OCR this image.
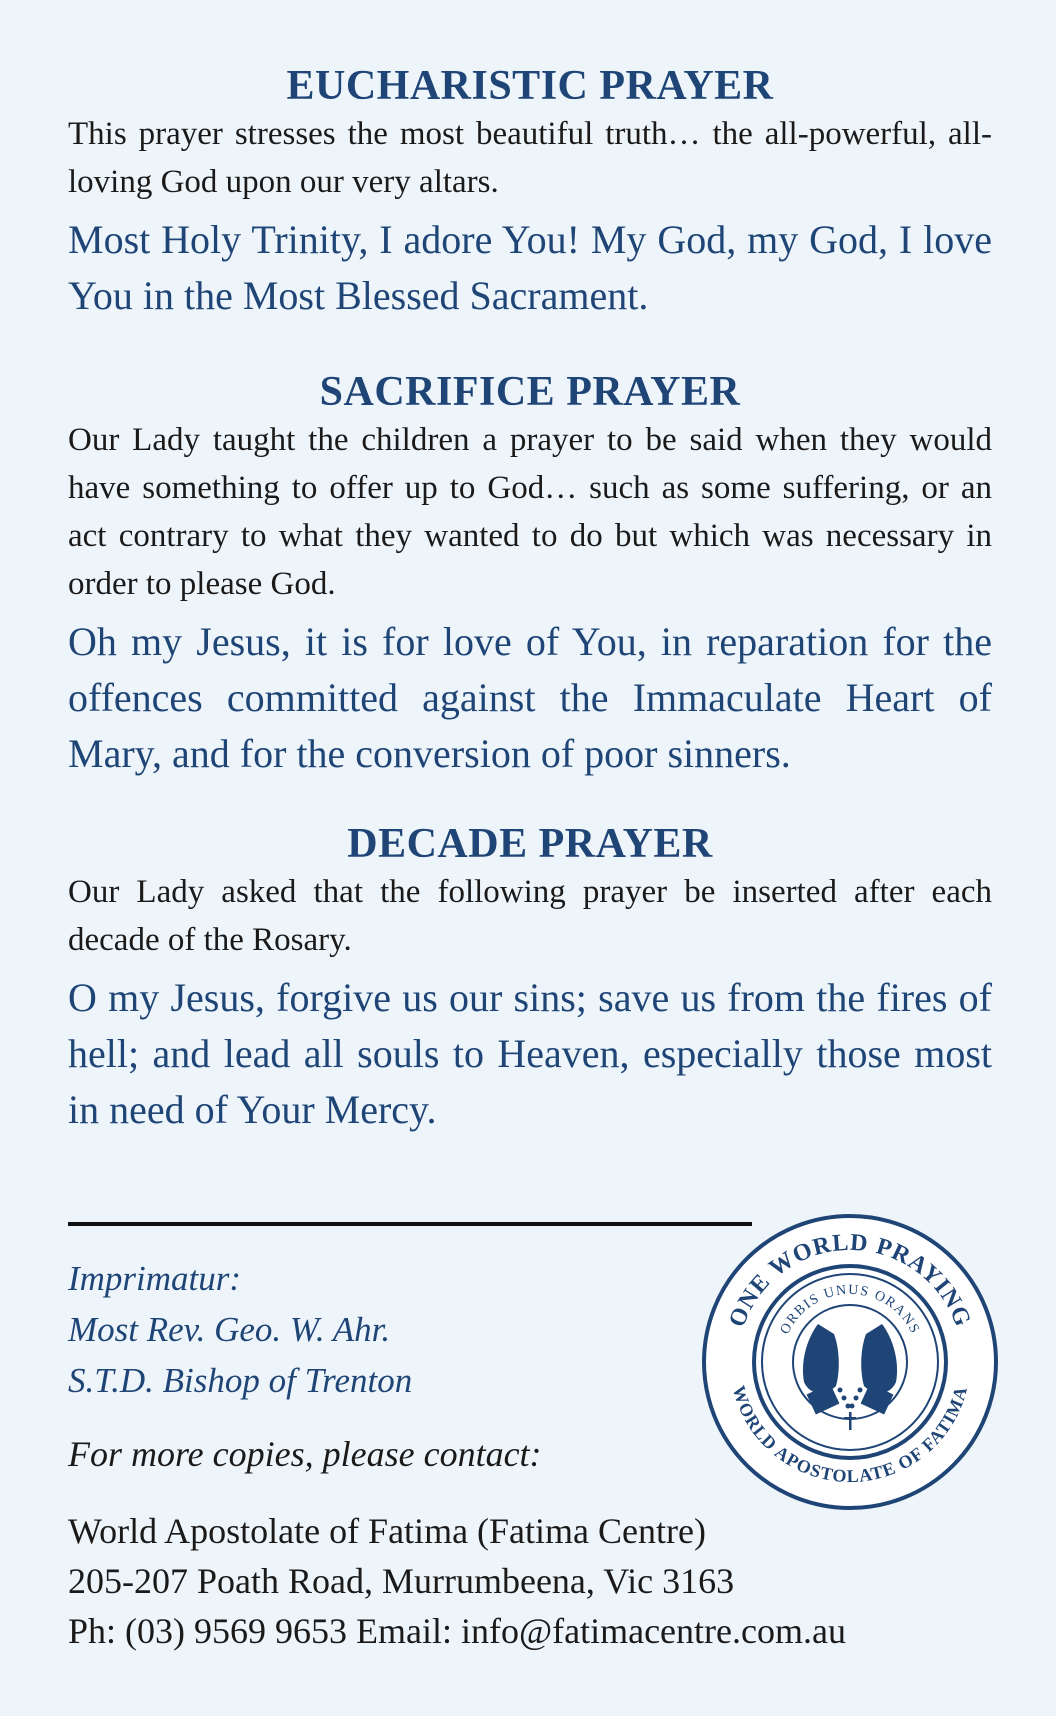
EUCHARISTIC PRAYER

This prayer stresses the most beautiful truth… the all-powerful, all-loving God upon our very altars.

Most Holy Trinity, I adore You! My God, my God, I love You in the Most Blessed Sacrament.

SACRIFICE PRAYER

Our Lady taught the children a prayer to be said when they would have something to offer up to God… such as some suffering, or an act contrary to what they wanted to do but which was necessary in order to please God.

Oh my Jesus, it is for love of You, in reparation for the offences committed against the Immaculate Heart of Mary, and for the conversion of poor sinners.

DECADE PRAYER

Our Lady asked that the following prayer be inserted after each decade of the Rosary.

O my Jesus, forgive us our sins; save us from the fires of hell; and lead all souls to Heaven, especially those most in need of Your Mercy.

Imprimatur:
Most Rev. Geo. W. Ahr.
S.T.D. Bishop of Trenton
For more copies, please contact:
World Apostolate of Fatima (Fatima Centre)
205-207 Poath Road, Murrumbeena, Vic 3163
Ph: (03) 9569 9653 Email: info@fatimacentre.com.au
ONE WORLD PRAYING
WORLD APOSTOLATE OF FATIMA
ORBIS UNUS ORANS
